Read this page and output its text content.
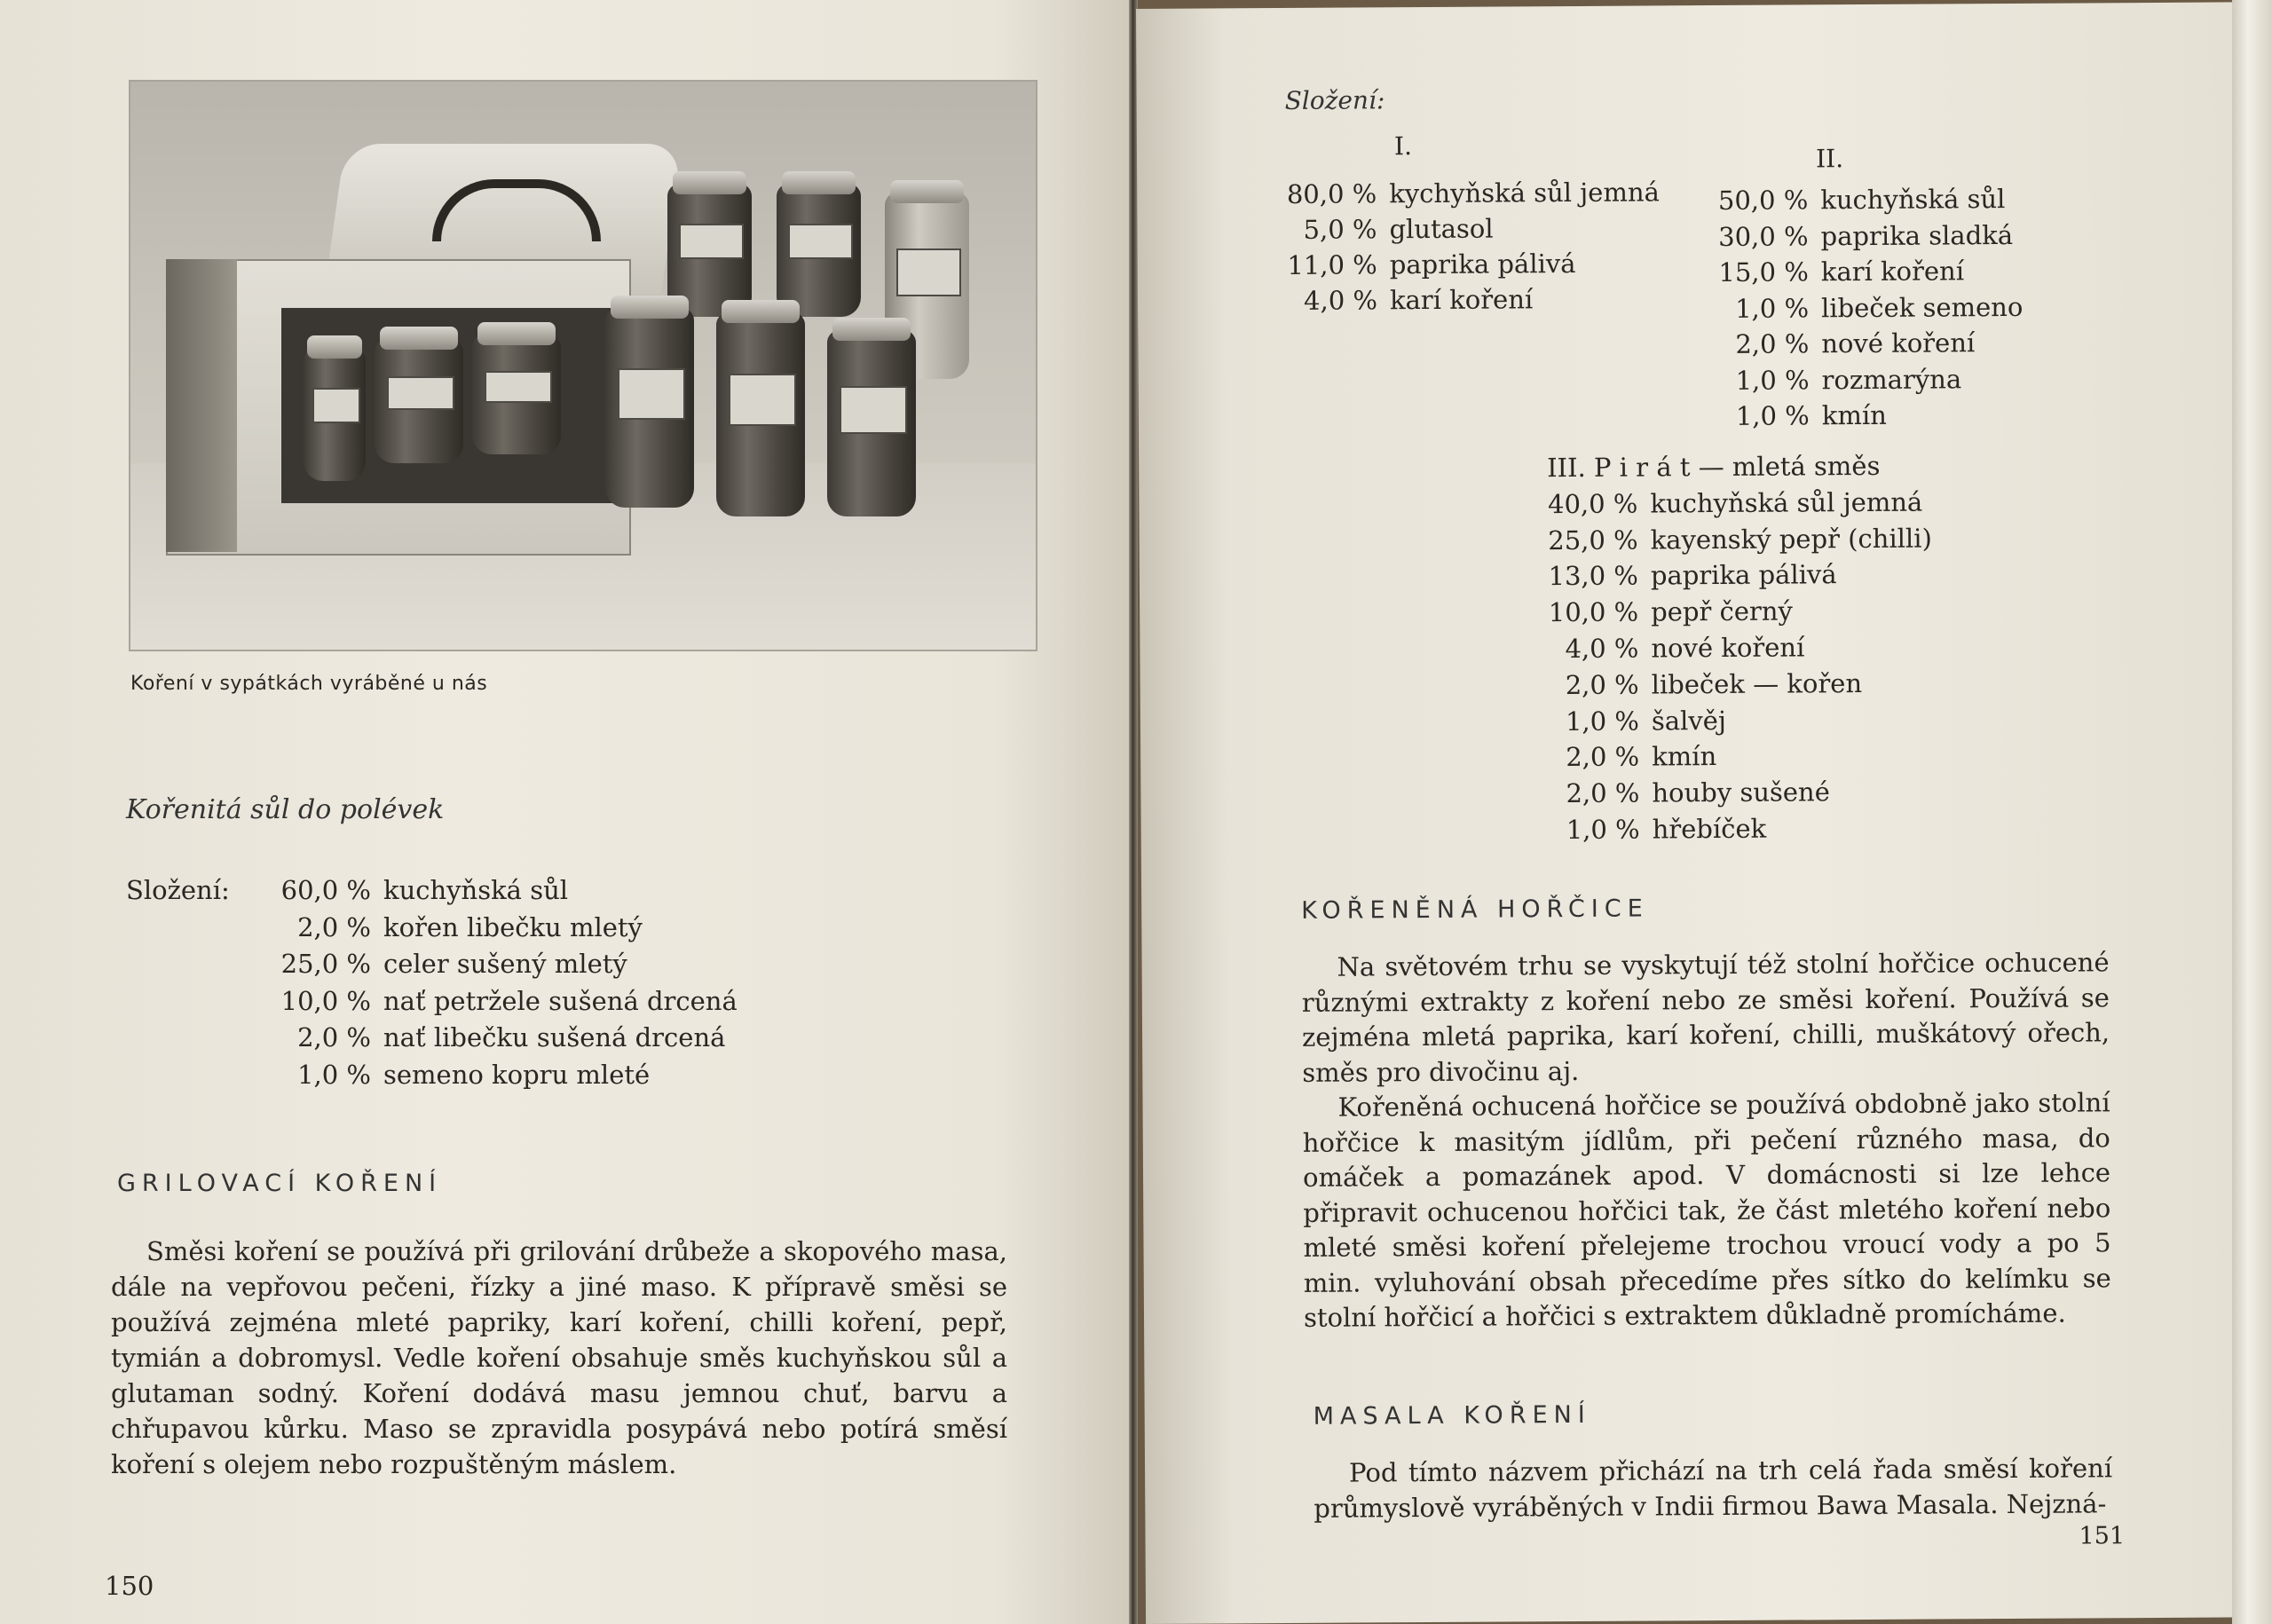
Koření v sypátkách vyráběné u nás
Kořenitá sůl do polévek
Složení:	60,0 % kuchyňská sůl
2,0 % kořen libečku mletý
25,0 % celer sušený mletý
10,0 % nať petržele sušená drcená
2,0 % nať libečku sušená drcená
1,0 % semeno kopru mleté
GRILOVACÍ KOŘENÍ

Směsi koření se používá při grilování drůbeže a skopového masa, dále na vepřovou pečeni, řízky a jiné maso. K přípravě směsi se používá zejména mleté papriky, karí koření, chilli koření, pepř, tymián a dobromysl. Vedle koření obsahuje směs kuchyňskou sůl a glutaman sodný. Koření dodává masu jemnou chuť, barvu a chřupavou kůrku. Maso se zpravidla posypává nebo potírá směsí koření s olejem nebo rozpuštěným máslem.

150
Složení:
I.	II.
80,0 % kychyňská sůl jemná
5,0 % glutasol
11,0 % paprika pálivá
4,0 % karí koření
50,0 % kuchyňská sůl
30,0 % paprika sladká
15,0 % karí koření
1,0 % libeček semeno
2,0 % nové koření
1,0 % rozmarýna
1,0 % kmín
III. P i r á t — mletá směs
40,0 % kuchyňská sůl jemná
25,0 % kayenský pepř (chilli)
13,0 % paprika pálivá
10,0 % pepř černý
4,0 % nové koření
2,0 % libeček — kořen
1,0 % šalvěj
2,0 % kmín
2,0 % houby sušené
1,0 % hřebíček
KOŘENĚNÁ HOŘČICE

Na světovém trhu se vyskytují též stolní hořčice ochucené různými extrakty z koření nebo ze směsi koření. Používá se zejména mletá paprika, karí koření, chilli, muškátový ořech, směs pro divočinu aj.

Kořeněná ochucená hořčice se používá obdobně jako stolní hořčice k masitým jídlům, při pečení různého masa, do omáček a pomazánek apod. V domácnosti si lze lehce připravit ochucenou hořčici tak, že část mletého koření nebo mleté směsi koření přelejeme trochou vroucí vody a po 5 min. vyluhování obsah přecedíme přes sítko do kelímku se stolní hořčicí a hořčici s extraktem důkladně promícháme.

MASALA KOŘENÍ

Pod tímto názvem přichází na trh celá řada směsí koření průmyslově vyráběných v Indii firmou Bawa Masala. Nejzná-

151
